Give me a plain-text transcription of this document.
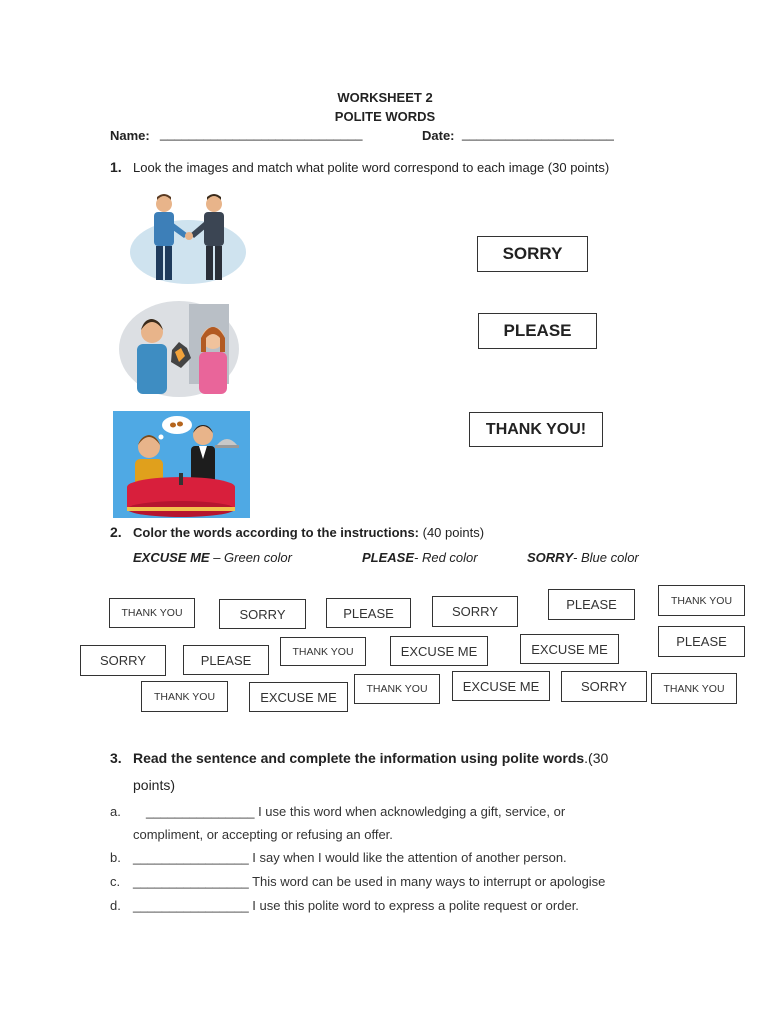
WORKSHEET 2
POLITE WORDS
Name: ____________________________	Date: _____________________
1. Look the images and match what polite word correspond to each image (30 points)
SORRY
PLEASE
THANK YOU!
2. Color the words according to the instructions: (40 points)
EXCUSE ME – Green color	PLEASE- Red color	SORRY- Blue color
THANK YOU	SORRY	PLEASE	SORRY	PLEASE	THANK YOU
SORRY	PLEASE
THANK YOU	EXCUSE ME	EXCUSE ME	PLEASE
THANK YOU	EXCUSE ME
THANK YOU	EXCUSE ME	SORRY	THANK YOU
3. Read the sentence and complete the information using polite words.(30
points)
a. _______________ I use this word when acknowledging a gift, service, or
compliment, or accepting or refusing an offer.
b. ________________ I say when I would like the attention of another person.
c. ________________ This word can be used in many ways to interrupt or apologise
d. ________________ I use this polite word to express a polite request or order.
